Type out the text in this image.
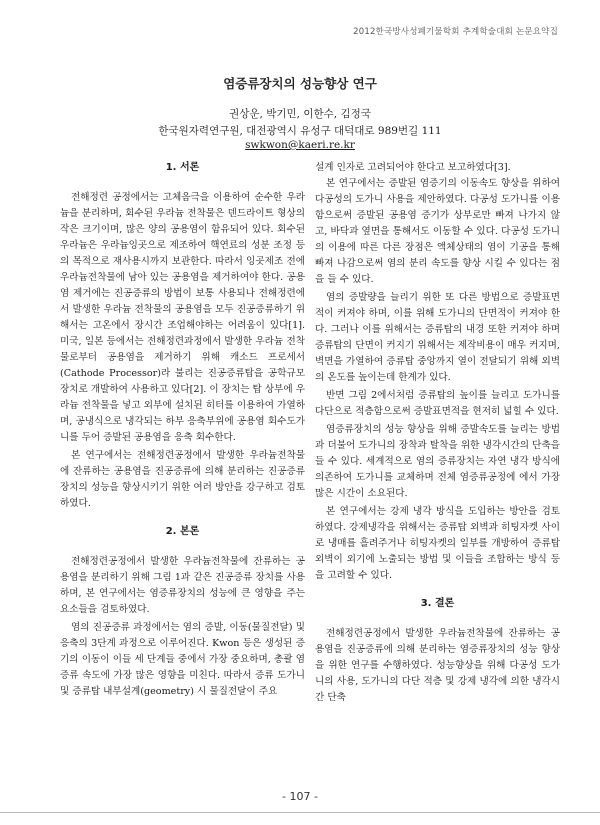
2012한국방사성폐기물학회 추계학술대회 논문요약집
염증류장치의 성능향상 연구
권상운, 박기민, 이한수, 김정국
한국원자력연구원, 대전광역시 유성구 대덕대로 989번길 111
swkwon@kaeri.re.kr
1. 서론

전해정련 공정에서는 고체음극을 이용하여 순수한 우라늄을 분리하며, 회수된 우라늄 전착물은 덴드라이트 형상의 작은 크기이며, 많은 양의 공용염이 함유되어 있다. 회수된 우라늄은 우라늄잉곳으로 제조하여 핵연료의 성분 조정 등의 목적으로 재사용시까지 보관한다. 따라서 잉곳제조 전에 우라늄전착물에 남아 있는 공용염을 제거하여야 한다. 공용염 제거에는 진공증류의 방법이 보통 사용되나 전해정련에서 발생한 우라늄 전착물의 공용염을 모두 진공증류하기 위해서는 고온에서 장시간 조업해야하는 어려움이 있다[1]. 미국, 일본 등에서는 전해정련과정에서 발생한 우라늄 전착물로부터 공용염을 제거하기 위해 캐소드 프로세서(Cathode Processor)라 불리는 진공증류탑을 공학규모 장치로 개발하여 사용하고 있다[2]. 이 장치는 탑 상부에 우라늄 전착물을 넣고 외부에 설치된 히터를 이용하여 가열하며, 공냉식으로 냉각되는 하부 응축부위에 공용염 회수도가니를 두어 증발된 공용염을 응축 회수한다.

본 연구에서는 전해정련공정에서 발생한 우라늄전착물에 잔류하는 공용염을 진공증류에 의해 분리하는 진공증류장치의 성능을 향상시키기 위한 여러 방안을 강구하고 검토하였다.

2. 본론

전해정련공정에서 발생한 우라늄전착물에 잔류하는 공용염을 분리하기 위해 그림 1과 같은 진공증류 장치를 사용하며, 본 연구에서는 염증류장치의 성능에 큰 영향을 주는 요소들을 검토하였다.

염의 진공증류 과정에서는 염의 증발, 이동(물질전달) 및 응축의 3단계 과정으로 이루어진다. Kwon 등은 생성된 증기의 이동이 이들 세 단계들 중에서 가장 중요하며, 총괄 염증류 속도에 가장 많은 영향을 미친다. 따라서 증류 도가니 및 증류탑 내부설계(geometry) 시 물질전달이 주요

설계 인자로 고려되어야 한다고 보고하였다[3].

본 연구에서는 증발된 염증기의 이동속도 향상을 위하여 다공성의 도가니 사용을 제안하였다. 다공성 도가니를 이용함으로써 증발된 공용염 증기가 상부로만 빠져 나가지 않고, 바닥과 옆면을 통해서도 이동할 수 있다. 다공성 도가니의 이용에 따른 다른 장점은 액체상태의 염이 기공을 통해 빠져 나감으로써 염의 분리 속도를 향상 시킬 수 있다는 점을 들 수 있다.

염의 증발량을 늘리기 위한 또 다른 방법으로 증발표면적이 커져야 하며, 이를 위해 도가니의 단면적이 커져야 한다. 그러나 이를 위해서는 증류탑의 내경 또한 커져야 하며 증류탑의 단면이 커지기 위해서는 제작비용이 매우 커지며, 벽면을 가열하여 증류탑 중앙까지 열이 전달되기 위해 외벽의 온도를 높이는데 한계가 있다.

반면 그림 2에서처럼 증류탑의 높이를 늘리고 도가니를 다단으로 적층함으로써 증발표면적을 현저히 넓힐 수 있다.

염증류장치의 성능 향상을 위해 증발속도를 늘리는 방법과 더불어 도가니의 장착과 탈착을 위한 냉각시간의 단축을 들 수 있다. 세계적으로 염의 증류장치는 자연 냉각 방식에 의존하여 도가니를 교체하며 전체 염증류공정에 에서 가장 많은 시간이 소요된다.

본 연구에서는 강제 냉각 방식을 도입하는 방안을 검토하였다. 강제냉각을 위해서는 증류탑 외벽과 히팅자켓 사이로 냉매를 흘려주거나 히팅자켓의 일부를 개방하여 증류탑 외벽이 외기에 노출되는 방법 및 이들을 조합하는 방식 등을 고려할 수 있다.

3. 결론

전해정련공정에서 발생한 우라늄전착물에 잔류하는 공용염을 진공증류에 의해 분리하는 염증류장치의 성능 향상을 위한 연구를 수행하였다. 성능향상을 위해 다공성 도가니의 사용, 도가니의 다단 적층 및 강제 냉각에 의한 냉각시간 단축

- 107 -
